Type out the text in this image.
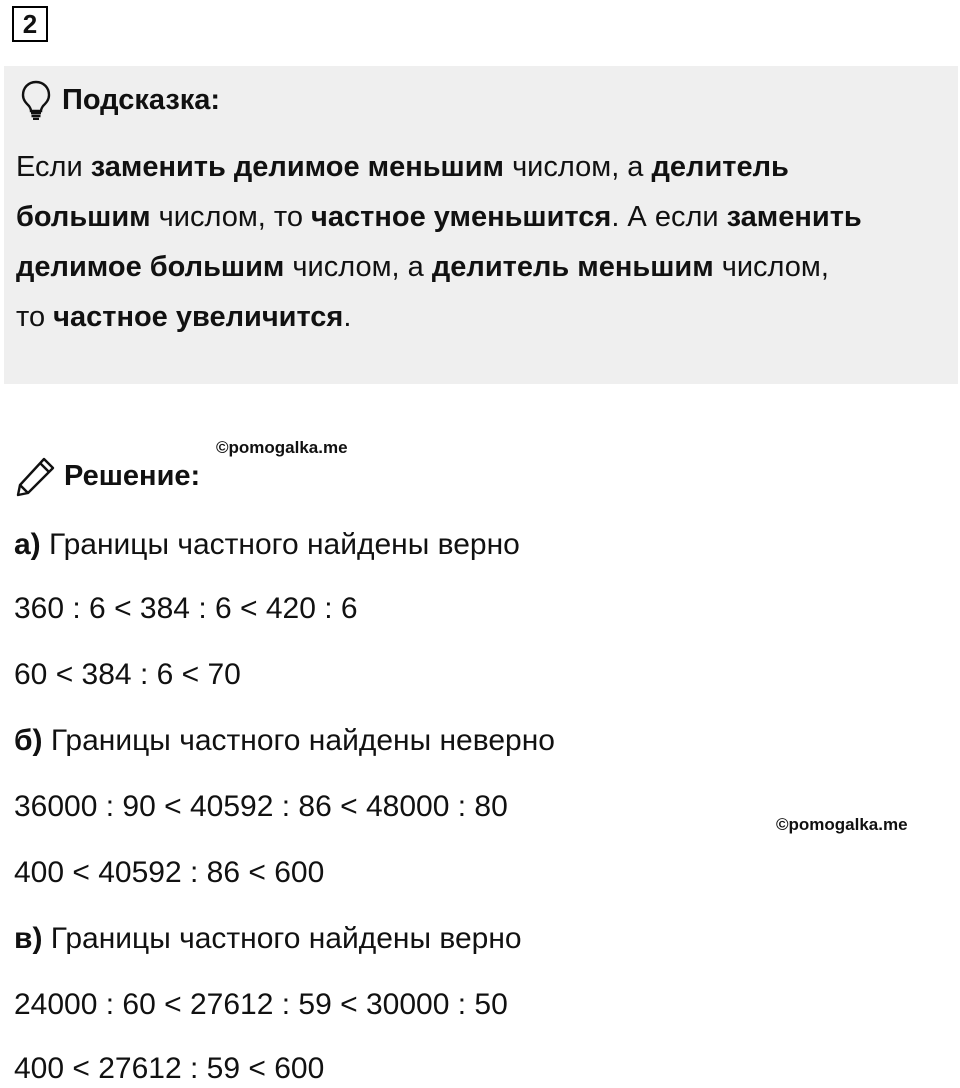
2
Подсказка:
Если заменить делимое меньшим числом, а делитель
большим числом, то частное уменьшится. А если заменить
делимое большим числом, а делитель меньшим числом,
то частное увеличится.
©pomogalka.me
Решение:
а) Границы частного найдены верно
360 : 6 < 384 : 6 < 420 : 6
60 < 384 : 6 < 70
б) Границы частного найдены неверно
36000 : 90 < 40592 : 86 < 48000 : 80
©pomogalka.me
400 < 40592 : 86 < 600
в) Границы частного найдены верно
24000 : 60 < 27612 : 59 < 30000 : 50
400 < 27612 : 59 < 600
